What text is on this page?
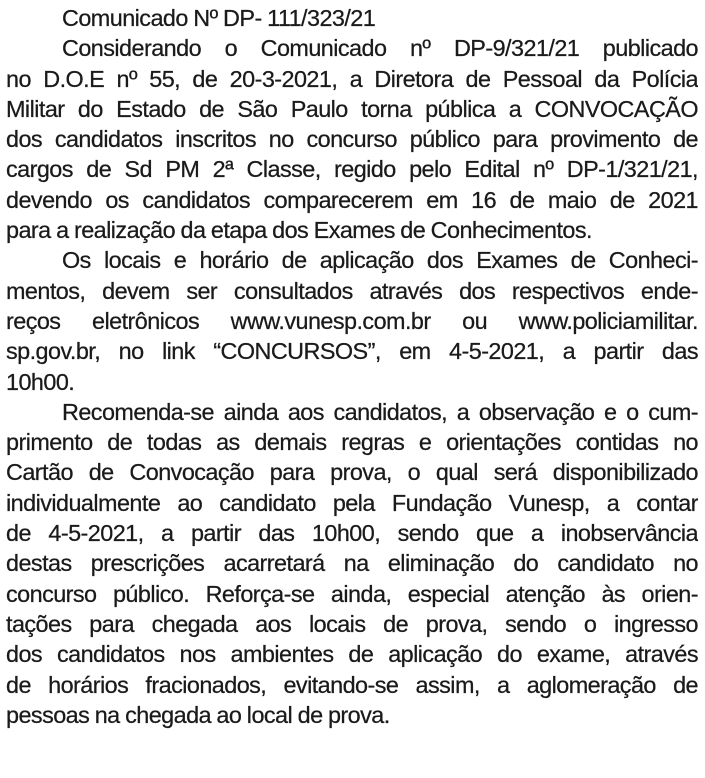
Comunicado Nº DP- 111/323/21
Considerando o Comunicado nº DP-9/321/21 publicado
no D.O.E nº 55, de 20-3-2021, a Diretora de Pessoal da Polícia
Militar do Estado de São Paulo torna pública a CONVOCAÇÃO
dos candidatos inscritos no concurso público para provimento de
cargos de Sd PM 2ª Classe, regido pelo Edital nº DP-1/321/21,
devendo os candidatos comparecerem em 16 de maio de 2021
para a realização da etapa dos Exames de Conhecimentos.
Os locais e horário de aplicação dos Exames de Conheci-
mentos, devem ser consultados através dos respectivos ende-
reços eletrônicos www.vunesp.com.br ou www.policiamilitar.
sp.gov.br, no link “CONCURSOS”, em 4-5-2021, a partir das
10h00.
Recomenda-se ainda aos candidatos, a observação e o cum-
primento de todas as demais regras e orientações contidas no
Cartão de Convocação para prova, o qual será disponibilizado
individualmente ao candidato pela Fundação Vunesp, a contar
de 4-5-2021, a partir das 10h00, sendo que a inobservância
destas prescrições acarretará na eliminação do candidato no
concurso público. Reforça-se ainda, especial atenção às orien-
tações para chegada aos locais de prova, sendo o ingresso
dos candidatos nos ambientes de aplicação do exame, através
de horários fracionados, evitando-se assim, a aglomeração de
pessoas na chegada ao local de prova.
